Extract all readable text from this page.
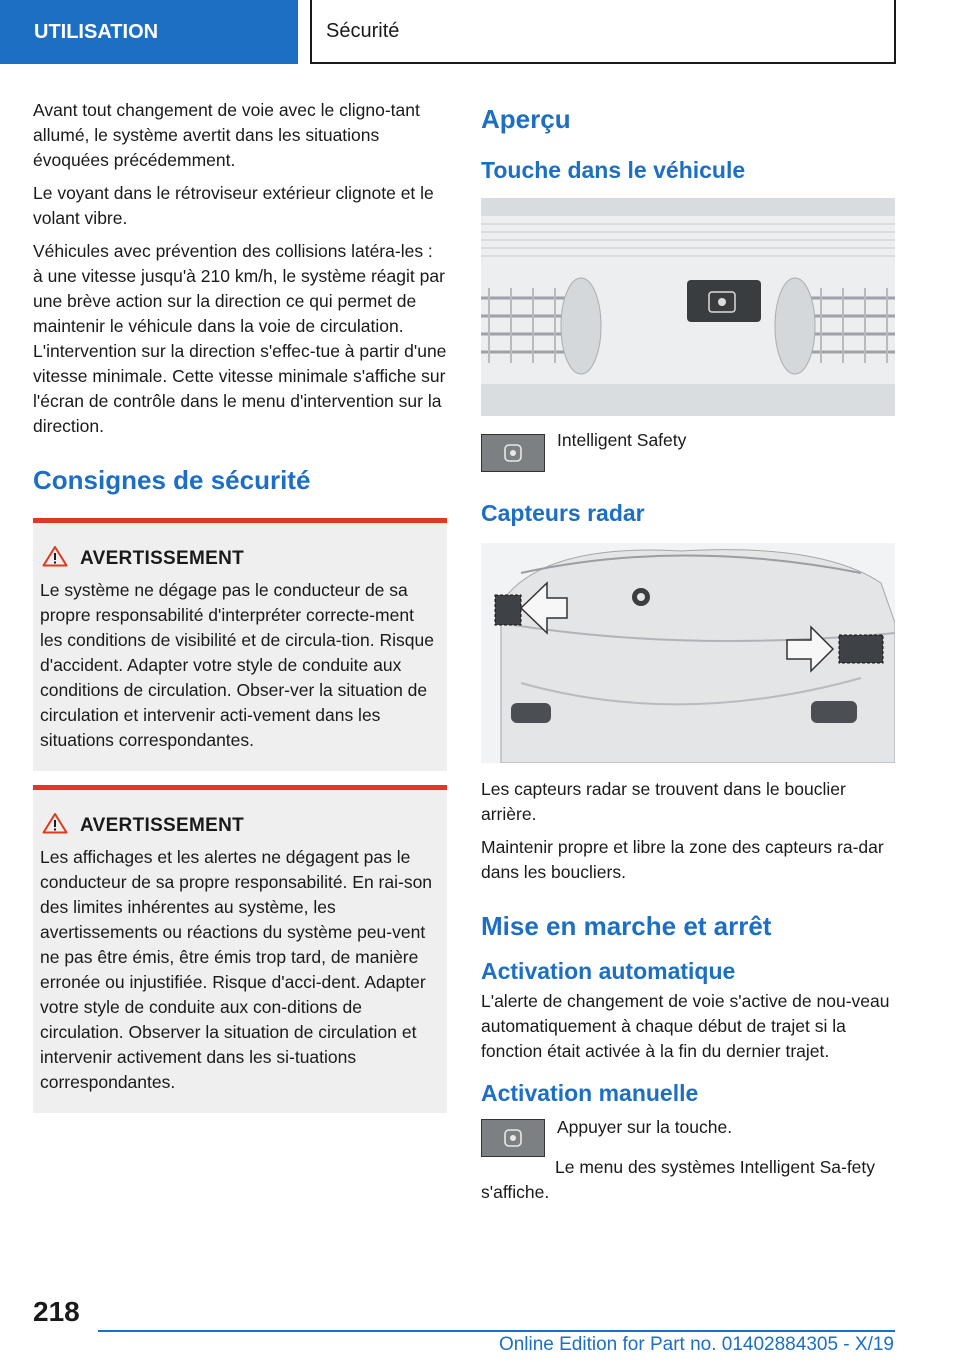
UTILISATION	Sécurité

Avant tout changement de voie avec le cligno-tant allumé, le système avertit dans les situations évoquées précédemment.

Le voyant dans le rétroviseur extérieur clignote et le volant vibre.

Véhicules avec prévention des collisions latéra-les : à une vitesse jusqu'à 210 km/h, le système réagit par une brève action sur la direction ce qui permet de maintenir le véhicule dans la voie de circulation. L'intervention sur la direction s'effec-tue à partir d'une vitesse minimale. Cette vitesse minimale s'affiche sur l'écran de contrôle dans le menu d'intervention sur la direction.

Consignes de sécurité
AVERTISSEMENT

Le système ne dégage pas le conducteur de sa propre responsabilité d'interpréter correcte-ment les conditions de visibilité et de circula-tion. Risque d'accident. Adapter votre style de conduite aux conditions de circulation. Obser-ver la situation de circulation et intervenir acti-vement dans les situations correspondantes.

AVERTISSEMENT

Les affichages et les alertes ne dégagent pas le conducteur de sa propre responsabilité. En rai-son des limites inhérentes au système, les avertissements ou réactions du système peu-vent ne pas être émis, être émis trop tard, de manière erronée ou injustifiée. Risque d'acci-dent. Adapter votre style de conduite aux con-ditions de circulation. Observer la situation de circulation et intervenir activement dans les si-tuations correspondantes.

Aperçu
Touche dans le véhicule

Intelligent Safety

Capteurs radar

Les capteurs radar se trouvent dans le bouclier arrière.

Maintenir propre et libre la zone des capteurs ra-dar dans les boucliers.

Mise en marche et arrêt
Activation automatique

L'alerte de changement de voie s'active de nou-veau automatiquement à chaque début de trajet si la fonction était activée à la fin du dernier trajet.

Activation manuelle

Appuyer sur la touche.

Le menu des systèmes Intelligent Sa-fety s'affiche.

218
Online Edition for Part no. 01402884305 - X/19
